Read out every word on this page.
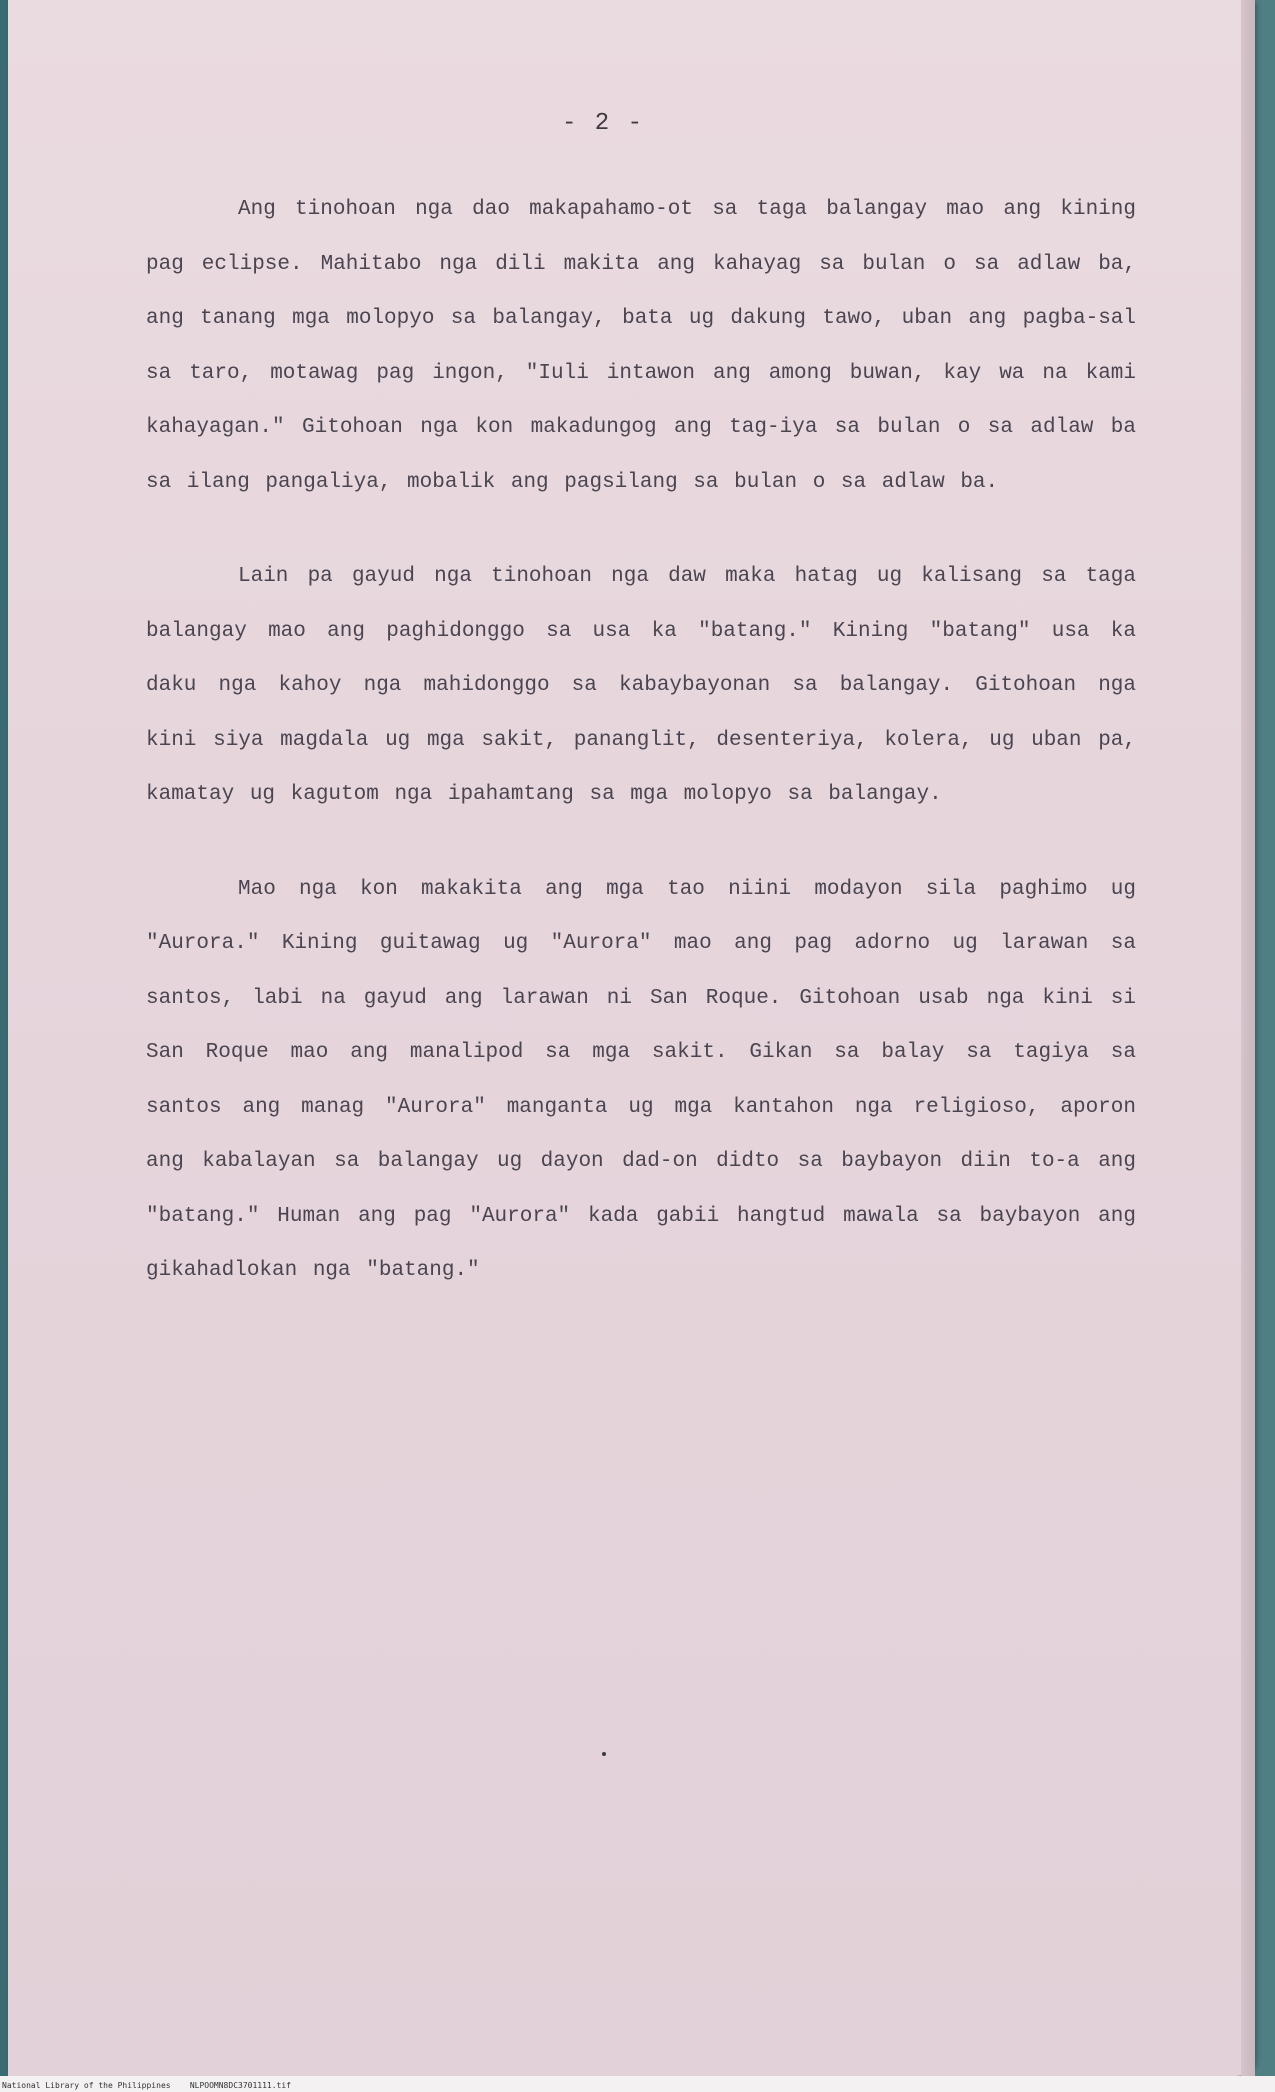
- 2 -

Ang tinohoan nga dao makapahamo-ot sa taga balangay mao ang kining pag eclipse. Mahitabo nga dili makita ang kahayag sa bulan o sa adlaw ba, ang tanang mga molopyo sa balangay, bata ug dakung tawo, uban ang pagba-sal sa taro, motawag pag ingon, "Iuli intawon ang among buwan, kay wa na kami kahayagan." Gitohoan nga kon makadungog ang tag-iya sa bulan o sa adlaw ba sa ilang pangaliya, mobalik ang pagsilang sa bulan o sa adlaw ba.

Lain pa gayud nga tinohoan nga daw maka hatag ug kalisang sa taga balangay mao ang paghidonggo sa usa ka "batang." Kining "batang" usa ka daku nga kahoy nga mahidonggo sa kabaybayonan sa balangay. Gitohoan nga kini siya magdala ug mga sakit, pananglit, desenteriya, kolera, ug uban pa, kamatay ug kagutom nga ipahamtang sa mga molopyo sa balangay.

Mao nga kon makakita ang mga tao niini modayon sila paghimo ug "Aurora." Kining guitawag ug "Aurora" mao ang pag adorno ug larawan sa santos, labi na gayud ang larawan ni San Roque. Gitohoan usab nga kini si San Roque mao ang manalipod sa mga sakit. Gikan sa balay sa tagiya sa santos ang manag "Aurora" manganta ug mga kantahon nga religioso, aporon ang kabalayan sa balangay ug dayon dad-on didto sa baybayon diin to-a ang "batang." Human ang pag "Aurora" kada gabii hangtud mawala sa baybayon ang gikahadlokan nga "batang."

National Library of the Philippines    NLPOOMN8DC3701111.tif
